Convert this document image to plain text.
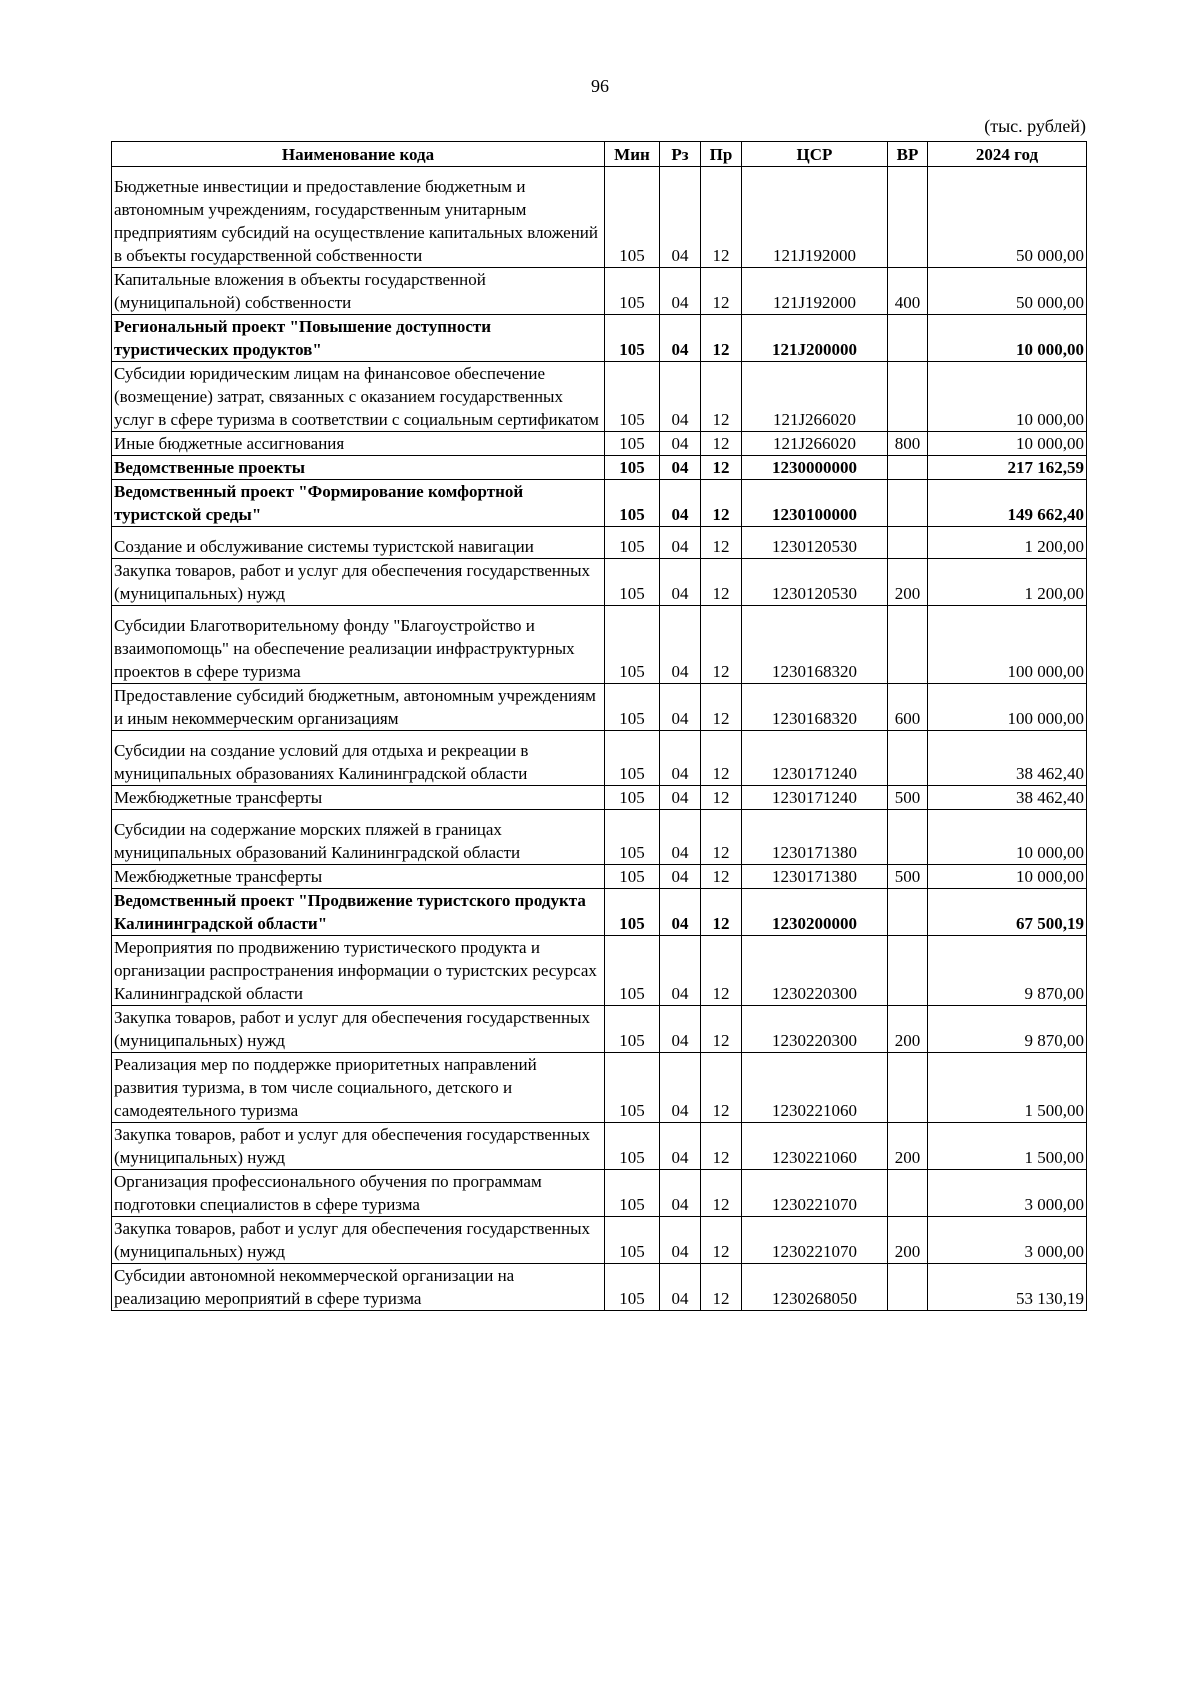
96
(тыс. рублей)
Наименование кода	Мин	Рз	Пр	ЦСР	ВР	2024 год

Бюджетные инвестиции и предоставление бюджетным и автономным учреждениям, государственным унитарным предприятиям субсидий на осуществление капитальных вложений в объекты государственной собственности	105	04	12	121J192000		50 000,00
Капитальные вложения в объекты государственной (муниципальной) собственности	105	04	12	121J192000	400	50 000,00
Региональный проект "Повышение доступности туристических продуктов"	105	04	12	121J200000		10 000,00
Субсидии юридическим лицам на финансовое обеспечение (возмещение) затрат, связанных с оказанием государственных услуг в сфере туризма в соответствии с социальным сертификатом	105	04	12	121J266020		10 000,00
Иные бюджетные ассигнования	105	04	12	121J266020	800	10 000,00
Ведомственные проекты	105	04	12	1230000000		217 162,59
Ведомственный проект "Формирование комфортной туристской среды"	105	04	12	1230100000		149 662,40

Создание и обслуживание системы туристской навигации	105	04	12	1230120530		1 200,00
Закупка товаров, работ и услуг для обеспечения государственных (муниципальных) нужд	105	04	12	1230120530	200	1 200,00

Субсидии Благотворительному фонду "Благоустройство и взаимопомощь" на обеспечение реализации инфраструктурных проектов в сфере туризма	105	04	12	1230168320		100 000,00
Предоставление субсидий бюджетным, автономным учреждениям и иным некоммерческим организациям	105	04	12	1230168320	600	100 000,00

Субсидии на создание условий для отдыха и рекреации в муниципальных образованиях Калининградской области	105	04	12	1230171240		38 462,40
Межбюджетные трансферты	105	04	12	1230171240	500	38 462,40

Субсидии на содержание морских пляжей в границах муниципальных образований Калининградской области	105	04	12	1230171380		10 000,00
Межбюджетные трансферты	105	04	12	1230171380	500	10 000,00
Ведомственный проект "Продвижение туристского продукта Калининградской области"	105	04	12	1230200000		67 500,19
Мероприятия по продвижению туристического продукта и организации распространения информации о туристских ресурсах Калининградской области	105	04	12	1230220300		9 870,00
Закупка товаров, работ и услуг для обеспечения государственных (муниципальных) нужд	105	04	12	1230220300	200	9 870,00
Реализация мер по поддержке приоритетных направлений развития туризма, в том числе социального, детского и самодеятельного туризма	105	04	12	1230221060		1 500,00
Закупка товаров, работ и услуг для обеспечения государственных (муниципальных) нужд	105	04	12	1230221060	200	1 500,00
Организация профессионального обучения по программам подготовки специалистов в сфере туризма	105	04	12	1230221070		3 000,00
Закупка товаров, работ и услуг для обеспечения государственных (муниципальных) нужд	105	04	12	1230221070	200	3 000,00
Субсидии автономной некоммерческой организации на реализацию мероприятий в сфере туризма	105	04	12	1230268050		53 130,19
